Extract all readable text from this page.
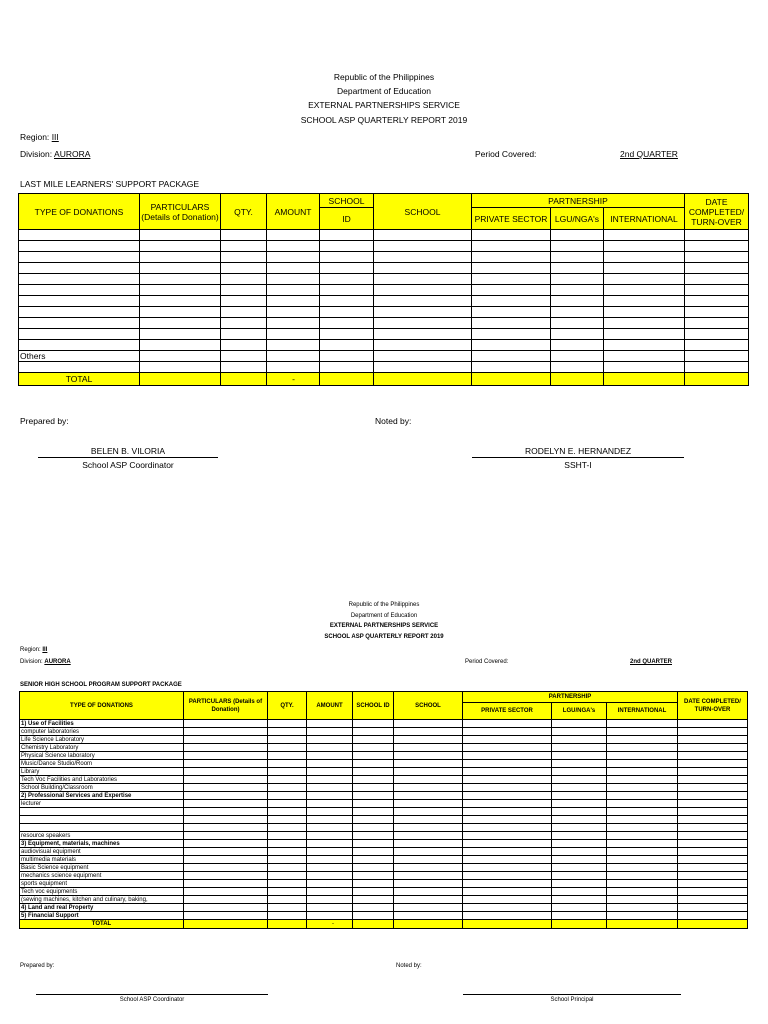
Republic of the Philippines
Department of Education
EXTERNAL PARTNERSHIPS SERVICE
SCHOOL ASP QUARTERLY REPORT 2019
Region: III
Division: AURORA	Period Covered:	2nd QUARTER
LAST MILE LEARNERS' SUPPORT PACKAGE
TYPE OF DONATIONS	PARTICULARS (Details of Donation)	QTY.	AMOUNT	SCHOOL	SCHOOL	PARTNERSHIP			DATE COMPLETED/ TURN-OVER
				ID		PRIVATE SECTOR	LGU/NGA's	INTERNATIONAL	

Others									

TOTAL			-						
Prepared by:	Noted by:
BELEN B. VILORIA
School ASP Coordinator
RODELYN E. HERNANDEZ
SSHT-I
Republic of the Philippines
Department of Education
EXTERNAL PARTNERSHIPS SERVICE
SCHOOL ASP QUARTERLY REPORT 2019
Region: III
Division: AURORA	Period Covered:	2nd QUARTER
SENIOR HIGH SCHOOL PROGRAM SUPPORT PACKAGE
TYPE OF DONATIONS	PARTICULARS (Details of Donation)	QTY.	AMOUNT	SCHOOL ID	SCHOOL	PARTNERSHIP			DATE COMPLETED/ TURN-OVER
						PRIVATE SECTOR	LGU/NGA's	INTERNATIONAL	
1) Use of Facilities									
computer laboratories									
Life Science Laboratory									
Chemistry Laboratory									
Physical Science laboratory									
Music/Dance Studio/Room									
Library									
Tech Voc Facilities and Laboratories									
School Building/Classroom									
2) Professional Services and Expertise									
lecturer									

resource speakers									
3) Equipment, materials, machines									
audiovisual equipment									
multimedia materials									
Basic Science equipment									
mechanics science equipment									
sports equipment									
Tech voc equipments									
(sewing machines, kitchen and culinary, baking,									
4) Land and real Property									
5) Financial Support									
TOTAL			-						
Prepared by:	Noted by:
School ASP Coordinator	School Principal
